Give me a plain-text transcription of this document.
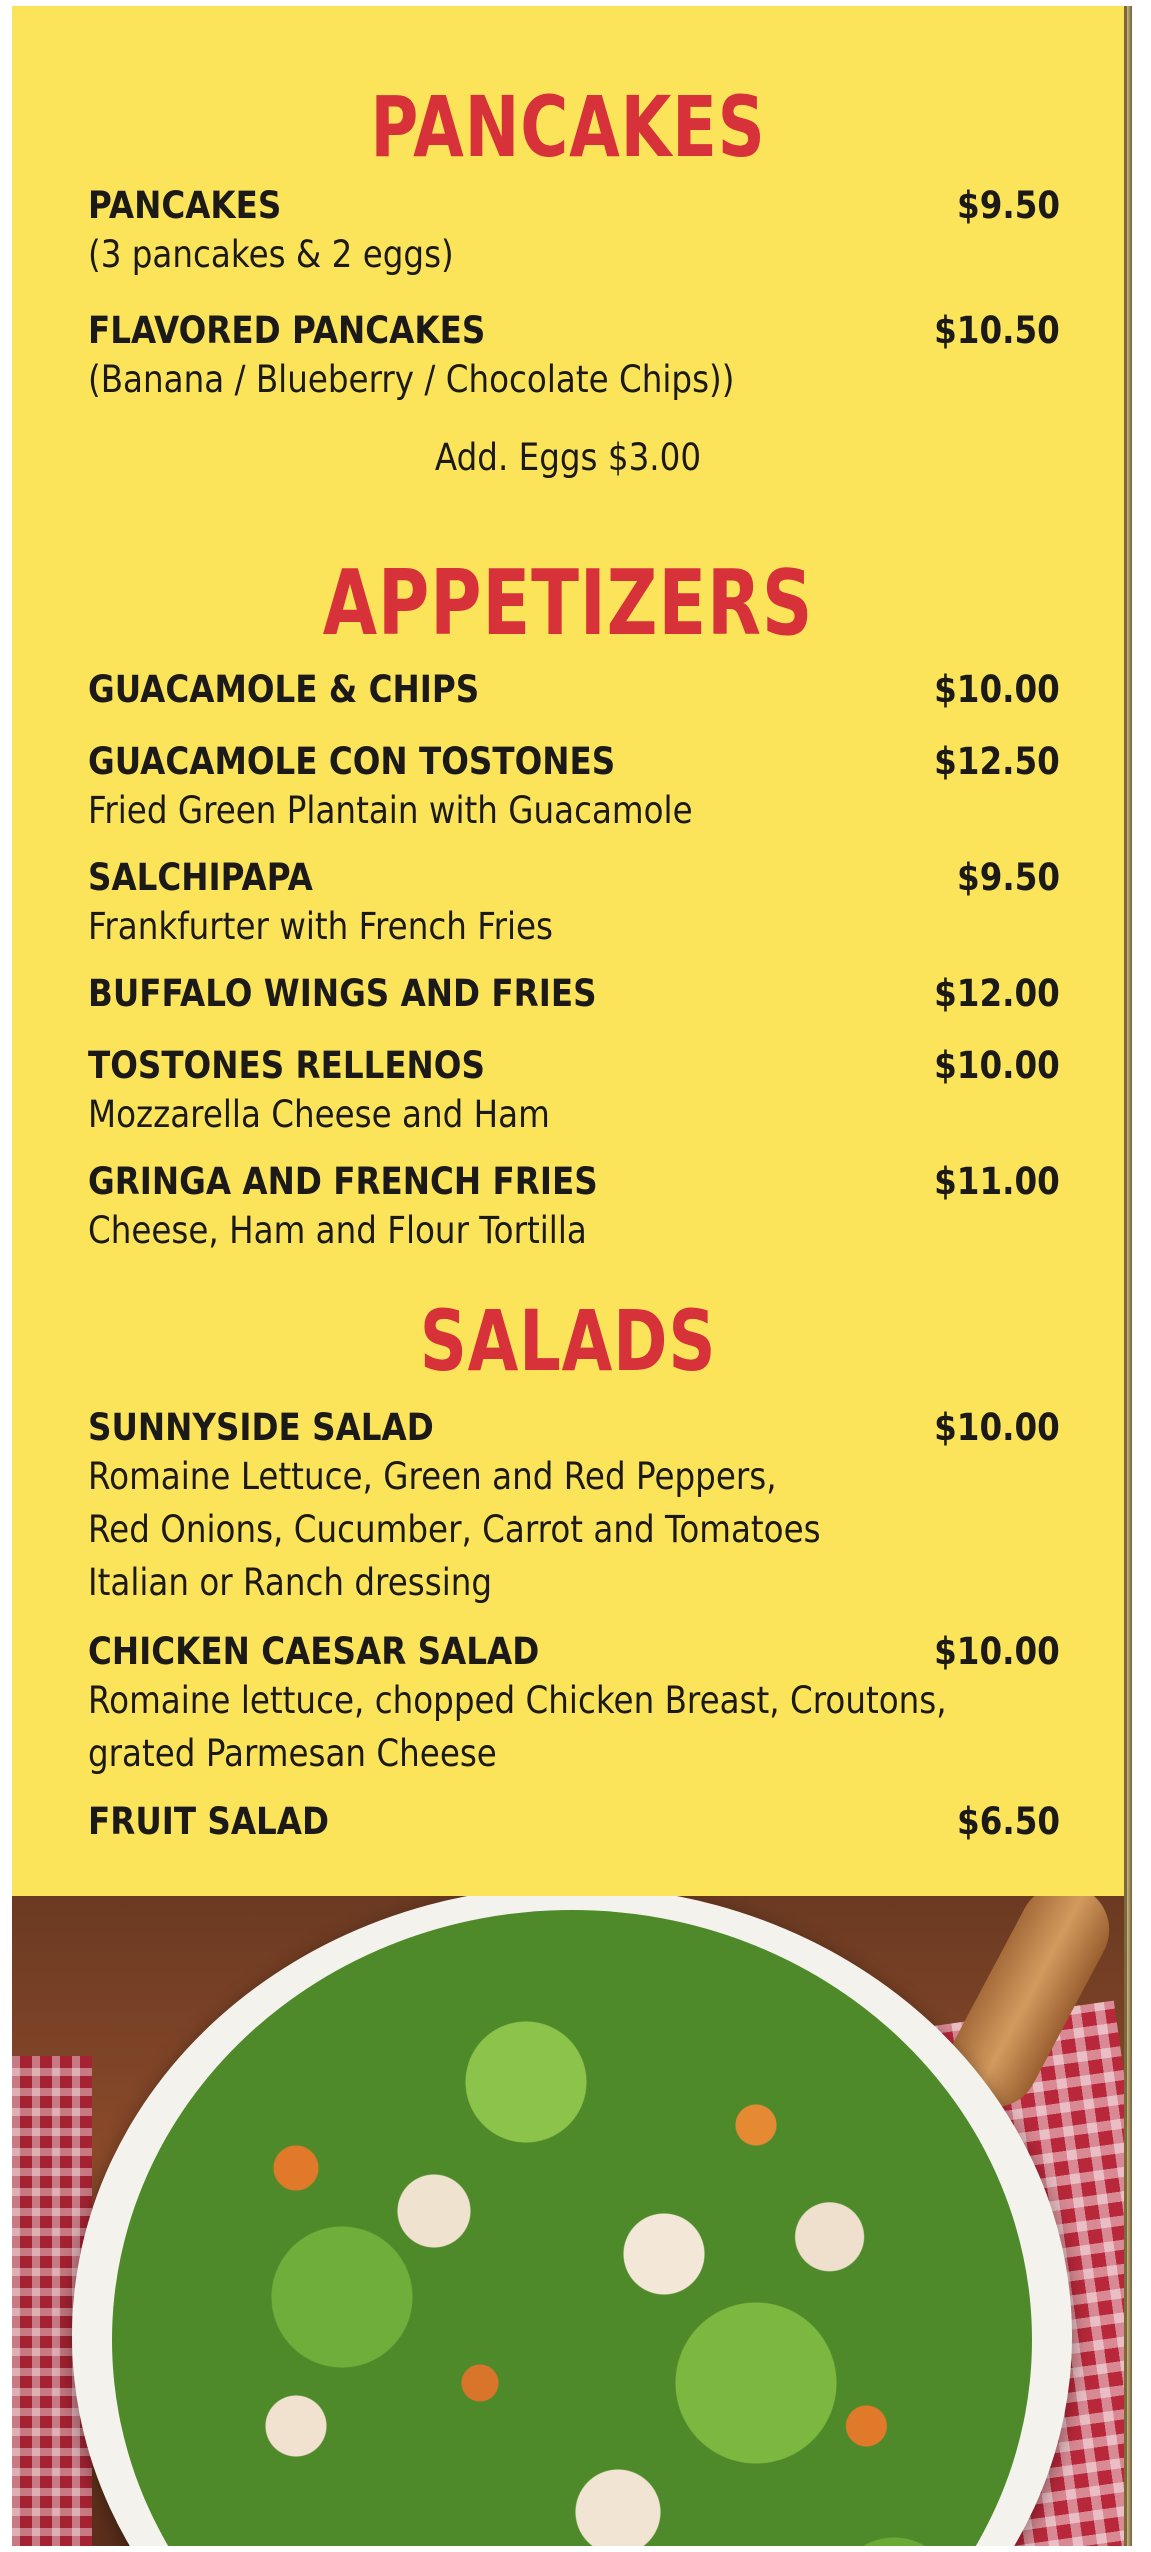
PANCAKES
PANCAKES	$9.50
(3 pancakes & 2 eggs)
FLAVORED PANCAKES	$10.50
(Banana / Blueberry / Chocolate Chips))
Add. Eggs $3.00
APPETIZERS
GUACAMOLE & CHIPS	$10.00
GUACAMOLE CON TOSTONES	$12.50
Fried Green Plantain with Guacamole
SALCHIPAPA	$9.50
Frankfurter with French Fries
BUFFALO WINGS AND FRIES	$12.00
TOSTONES RELLENOS	$10.00
Mozzarella Cheese and Ham
GRINGA AND FRENCH FRIES	$11.00
Cheese, Ham and Flour Tortilla
SALADS
SUNNYSIDE SALAD	$10.00
Romaine Lettuce, Green and Red Peppers,
Red Onions, Cucumber, Carrot and Tomatoes
Italian or Ranch dressing
CHICKEN CAESAR SALAD	$10.00
Romaine lettuce, chopped Chicken Breast, Croutons,
grated Parmesan Cheese
FRUIT SALAD	$6.50
